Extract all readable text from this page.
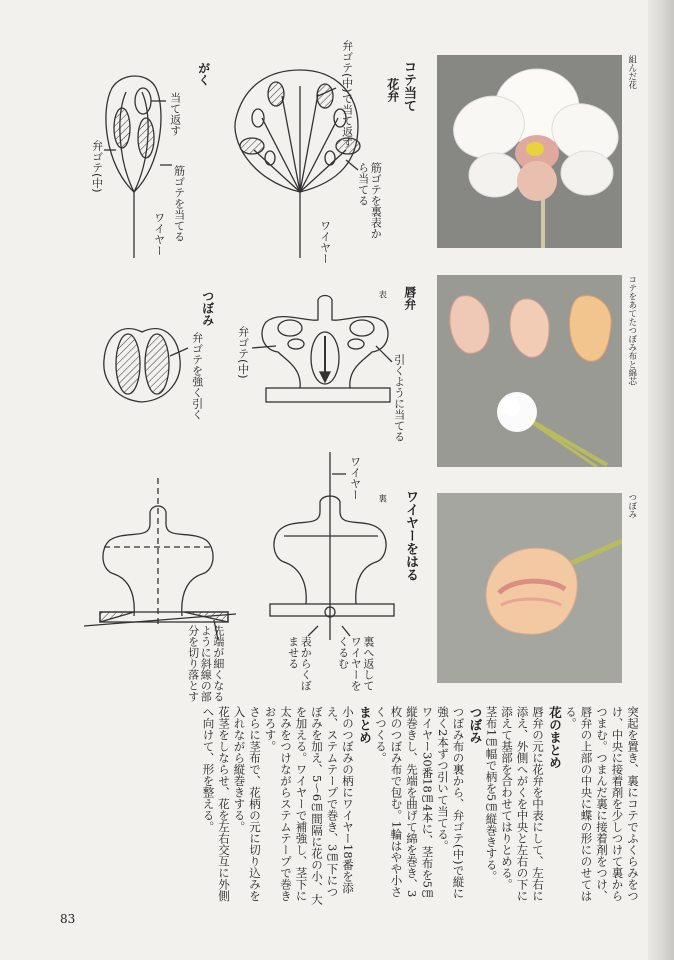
コテ当て
花弁
がく
当て返す
弁ゴテ(中)	筋ゴテを当てる
ワイヤー
弁ゴテ(中)で当て返す
筋ゴテを裏表から当てる
ワイヤー
つぼみ
弁ゴテを強く引く
唇弁
表
弁ゴテ(中)
引くように当てる
ワイヤーをはる
ワイヤー 裏
先端が細くなるように斜線の部分を切り落とす	表からくぼませる	裏へ返してワイヤーをくるむ
組んだ花
コテをあてたつぼみ布と綿芯
つぼみ

突起を置き、裏にコテでふくらみをつけ、中央に接着剤を少しつけて裏からつまむ。つまんだ裏に接着剤をつけ、唇弁の上部の中央に蝶の形にのせてはる。

花のまとめ

唇弁の元に花弁を中表にして、左右に添え、外側へがくを中央と左右の下に添えて基部を合わせてはりとめる。

茎布1㎝幅で柄を5㎝縦巻きする。

つぼみ

つぼみ布の裏から、弁ゴテ(中)で縦に強く2本ずつ引いて当てる。

ワイヤー30番18㎝4本に、茎布を5㎝縦巻きし、先端を曲げて綿を巻き、3枚のつぼみ布で包む。1輪はやや小さくつくる。

まとめ

小のつぼみの柄にワイヤー18番を添え、ステムテープで巻き、3㎝下につぼみを加え、5～6㎝間隔に花の小、大を加える。ワイヤーで補強し、茎下に太みをつけながらステムテープで巻きおろす。

さらに茎布で、花柄の元に切り込みを入れながら縦巻きする。

花茎をしならせ、花を左右交互に外側へ向けて、形を整える。

83
